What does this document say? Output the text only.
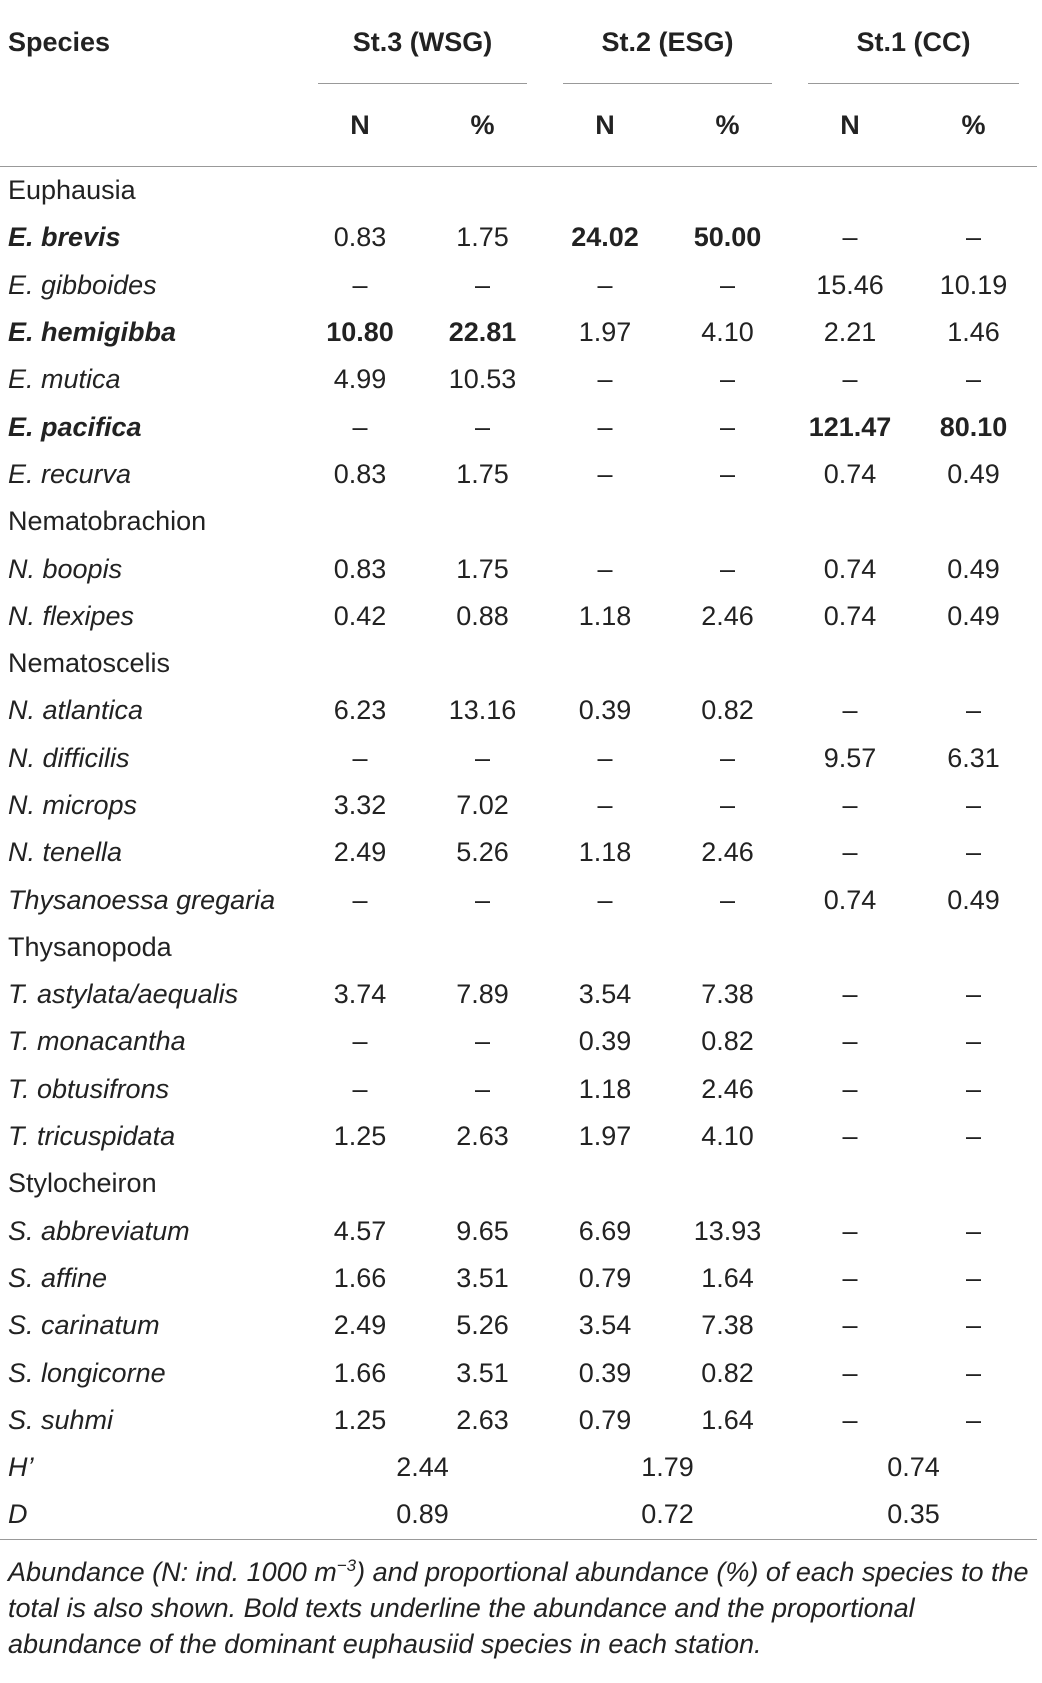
Species	St.3 (WSG)		St.2 (ESG)		St.1 (CC)	

	N	%	N	%	N	%
Euphausia						
E. brevis	0.83	1.75	24.02	50.00	–	–
E. gibboides	–	–	–	–	15.46	10.19
E. hemigibba	10.80	22.81	1.97	4.10	2.21	1.46
E. mutica	4.99	10.53	–	–	–	–
E. pacifica	–	–	–	–	121.47	80.10
E. recurva	0.83	1.75	–	–	0.74	0.49
Nematobrachion						
N. boopis	0.83	1.75	–	–	0.74	0.49
N. flexipes	0.42	0.88	1.18	2.46	0.74	0.49
Nematoscelis						
N. atlantica	6.23	13.16	0.39	0.82	–	–
N. difficilis	–	–	–	–	9.57	6.31
N. microps	3.32	7.02	–	–	–	–
N. tenella	2.49	5.26	1.18	2.46	–	–
Thysanoessa gregaria	–	–	–	–	0.74	0.49
Thysanopoda						
T. astylata/aequalis	3.74	7.89	3.54	7.38	–	–
T. monacantha	–	–	0.39	0.82	–	–
T. obtusifrons	–	–	1.18	2.46	–	–
T. tricuspidata	1.25	2.63	1.97	4.10	–	–
Stylocheiron						
S. abbreviatum	4.57	9.65	6.69	13.93	–	–
S. affine	1.66	3.51	0.79	1.64	–	–
S. carinatum	2.49	5.26	3.54	7.38	–	–
S. longicorne	1.66	3.51	0.39	0.82	–	–
S. suhmi	1.25	2.63	0.79	1.64	–	–
H’	2.44		1.79		0.74	
D	0.89		0.72		0.35	
Abundance (N: ind. 1000 $m^{-3}$) and proportional abundance (%) of each species to the total is also shown. Bold texts underline the abundance and the proportional abundance of the dominant euphausiid species in each station.
